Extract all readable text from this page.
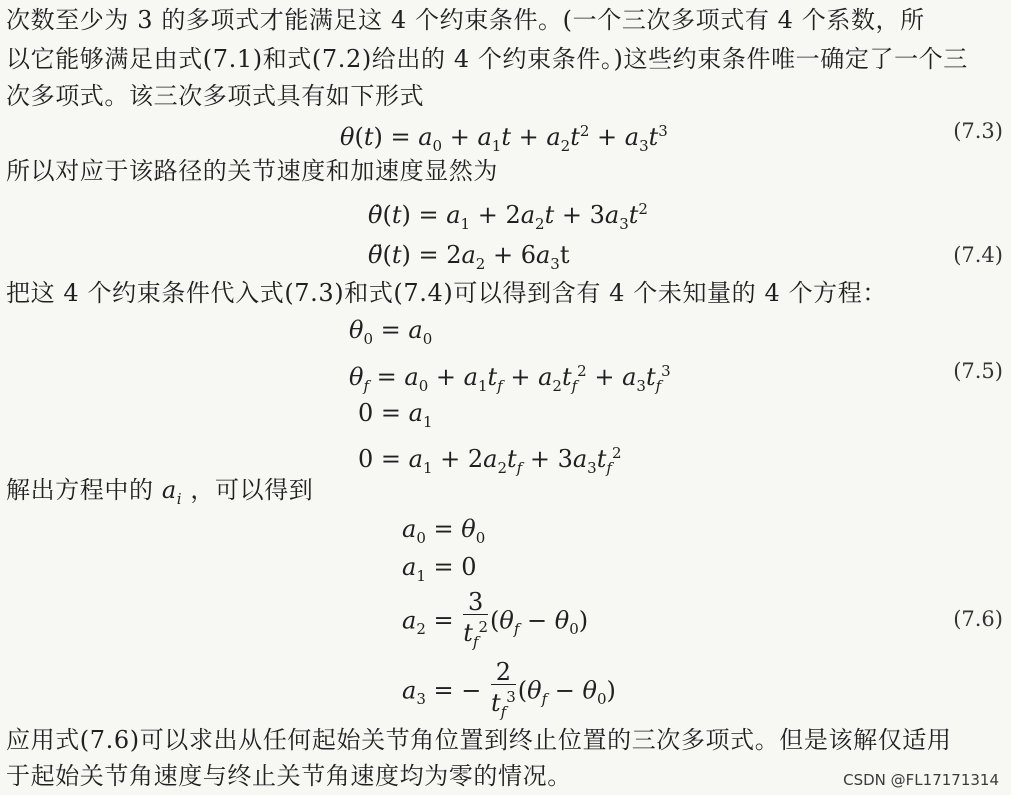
次数至少为 3 的多项式才能满足这 4 个约束条件。(一个三次多项式有 4 个系数，所
以它能够满足由式(7.1)和式(7.2)给出的 4 个约束条件。)这些约束条件唯一确定了一个三
次多项式。该三次多项式具有如下形式
$\theta(t) = a_0 + a_1t + a_2t^2 + a_3t^3$	(7.3)
所以对应于该路径的关节速度和加速度显然为
θ̇(t) = $a_1 + 2a_2t + 3a_3t^2$
θ̈(t) = $2a_2 + 6a_3t$	(7.4)
把这 4 个约束条件代入式(7.3)和式(7.4)可以得到含有 4 个未知量的 4 个方程：
$\theta_0 = a_0$
$\theta_f = a_0 + a_1t_f + a_2t_f^2 + a_3t_f^3$	(7.5)
$0 = a_1$
$0 = a_1 + 2a_2t_f + 3a_3t_f^2$
解出方程中的 $a_i$ ，可以得到
$a_0 = \theta_0$
$a_1 = 0$
$a_2 = \frac{3}{t_f^2} (\theta_f - \theta_0)$	(7.6)
$a_3$ = − $\frac{2}{t_f^3} (\theta_f - \theta_0)$
应用式(7.6)可以求出从任何起始关节角位置到终止位置的三次多项式。但是该解仅适用
于起始关节角速度与终止关节角速度均为零的情况。	CSDN @FL17171314
